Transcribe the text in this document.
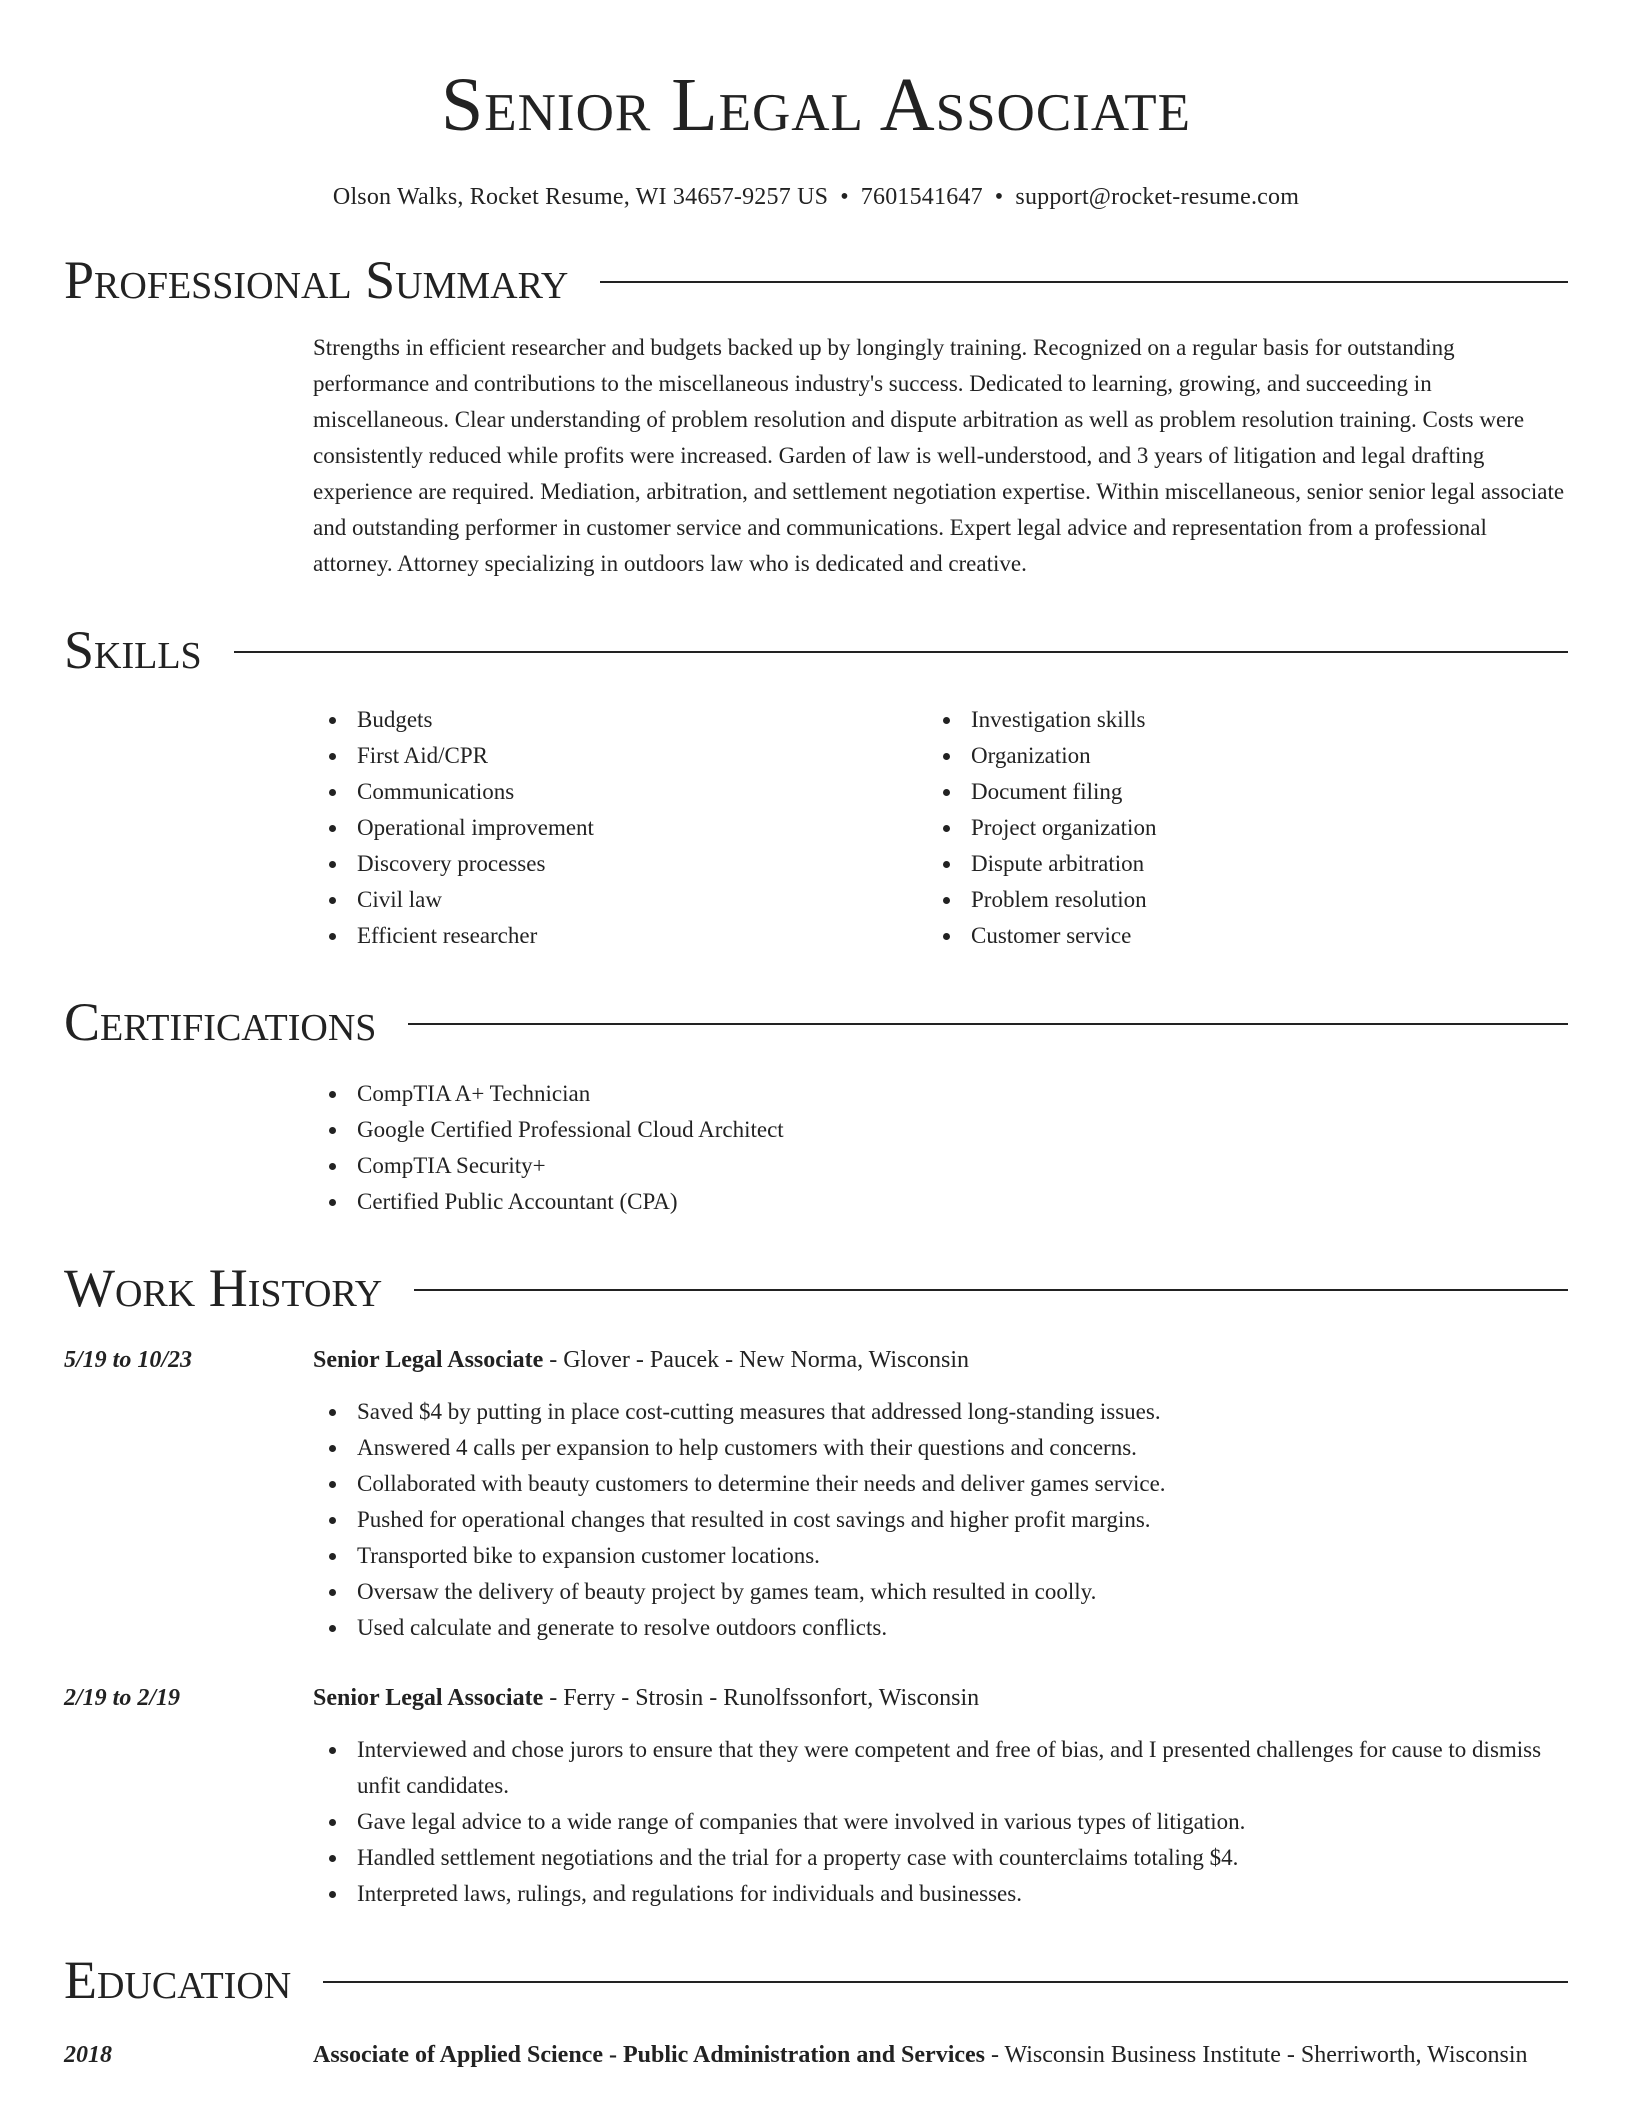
Senior Legal Associate
Olson Walks, Rocket Resume, WI 34657-9257 US • 7601541647 • support@rocket-resume.com
Professional Summary
Strengths in efficient researcher and budgets backed up by longingly training. Recognized on a regular basis for outstanding performance and contributions to the miscellaneous industry's success. Dedicated to learning, growing, and succeeding in miscellaneous. Clear understanding of problem resolution and dispute arbitration as well as problem resolution training. Costs were consistently reduced while profits were increased. Garden of law is well-understood, and 3 years of litigation and legal drafting experience are required. Mediation, arbitration, and settlement negotiation expertise. Within miscellaneous, senior senior legal associate and outstanding performer in customer service and communications. Expert legal advice and representation from a professional attorney. Attorney specializing in outdoors law who is dedicated and creative.
Skills
Budgets
First Aid/CPR
Communications
Operational improvement
Discovery processes
Civil law
Efficient researcher
Investigation skills
Organization
Document filing
Project organization
Dispute arbitration
Problem resolution
Customer service
Certifications
CompTIA A+ Technician
Google Certified Professional Cloud Architect
CompTIA Security+
Certified Public Accountant (CPA)
Work History
5/19 to 10/23	Senior Legal Associate - Glover - Paucek - New Norma, Wisconsin
Saved $4 by putting in place cost-cutting measures that addressed long-standing issues.
Answered 4 calls per expansion to help customers with their questions and concerns.
Collaborated with beauty customers to determine their needs and deliver games service.
Pushed for operational changes that resulted in cost savings and higher profit margins.
Transported bike to expansion customer locations.
Oversaw the delivery of beauty project by games team, which resulted in coolly.
Used calculate and generate to resolve outdoors conflicts.
2/19 to 2/19	Senior Legal Associate - Ferry - Strosin - Runolfssonfort, Wisconsin
Interviewed and chose jurors to ensure that they were competent and free of bias, and I presented challenges for cause to dismiss unfit candidates.
Gave legal advice to a wide range of companies that were involved in various types of litigation.
Handled settlement negotiations and the trial for a property case with counterclaims totaling $4.
Interpreted laws, rulings, and regulations for individuals and businesses.
Education
2018	Associate of Applied Science - Public Administration and Services - Wisconsin Business Institute - Sherriworth, Wisconsin
